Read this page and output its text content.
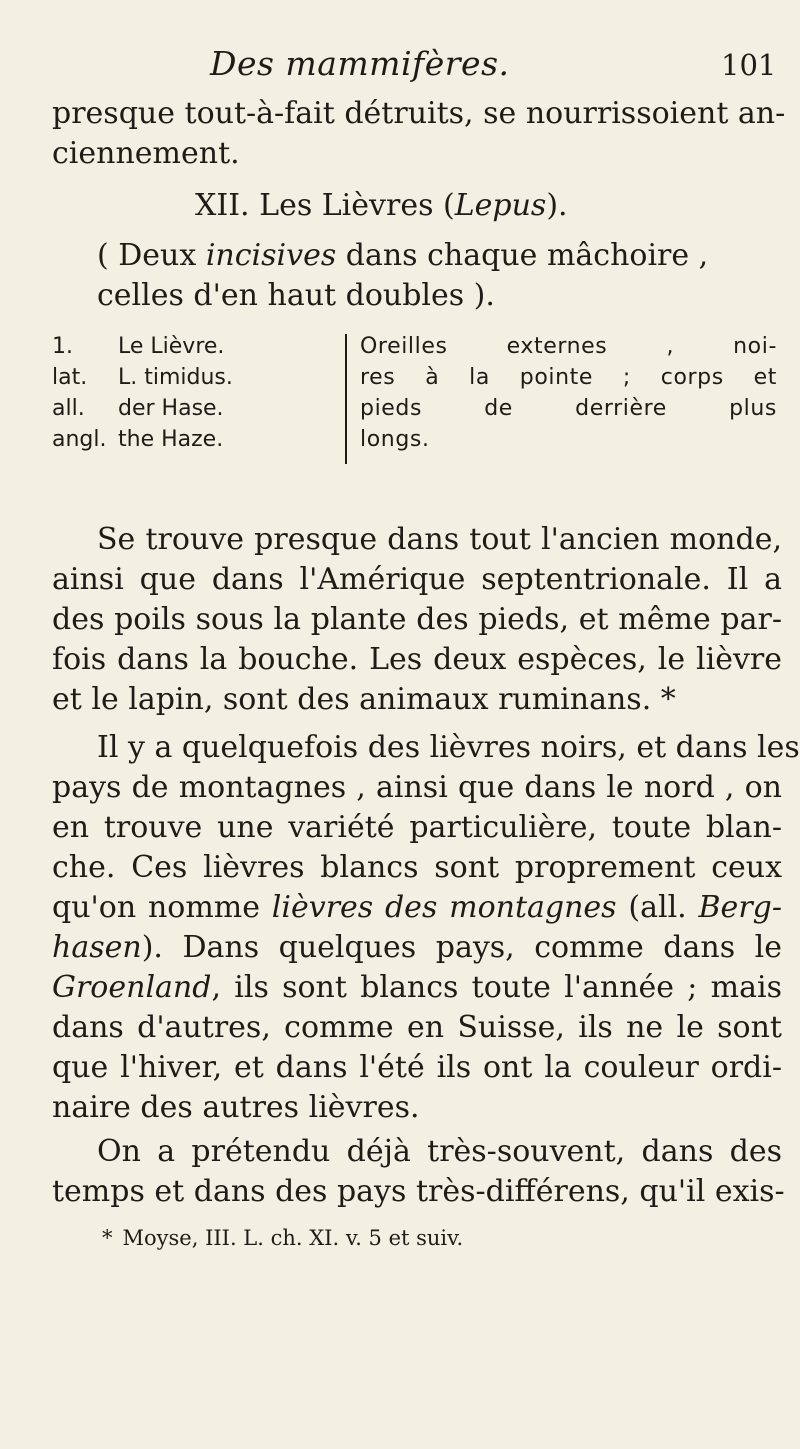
Des mammifères.	101
presque tout-à-fait détruits, se nourrissoient an-
ciennement.
XII. Les Lièvres (Lepus).
( Deux incisives dans chaque mâchoire ,
celles d'en haut doubles ).
1. Le Lièvre.
lat. L. timidus.
all. der Hase.
angl. the Haze.
Oreilles externes , noi-
res à la pointe ; corps et
pieds de derrière plus
longs.
Se trouve presque dans tout l'ancien monde,
ainsi que dans l'Amérique septentrionale. Il a
des poils sous la plante des pieds, et même par-
fois dans la bouche. Les deux espèces, le lièvre
et le lapin, sont des animaux ruminans. *
Il y a quelquefois des lièvres noirs, et dans les
pays de montagnes , ainsi que dans le nord , on
en trouve une variété particulière, toute blan-
che. Ces lièvres blancs sont proprement ceux
qu'on nomme lièvres des montagnes (all. Berg-
hasen). Dans quelques pays, comme dans le
Groenland, ils sont blancs toute l'année ; mais
dans d'autres, comme en Suisse, ils ne le sont
que l'hiver, et dans l'été ils ont la couleur ordi-
naire des autres lièvres.
On a prétendu déjà très-souvent, dans des
temps et dans des pays très-différens, qu'il exis-
* Moyse, III. L. ch. XI. v. 5 et suiv.
